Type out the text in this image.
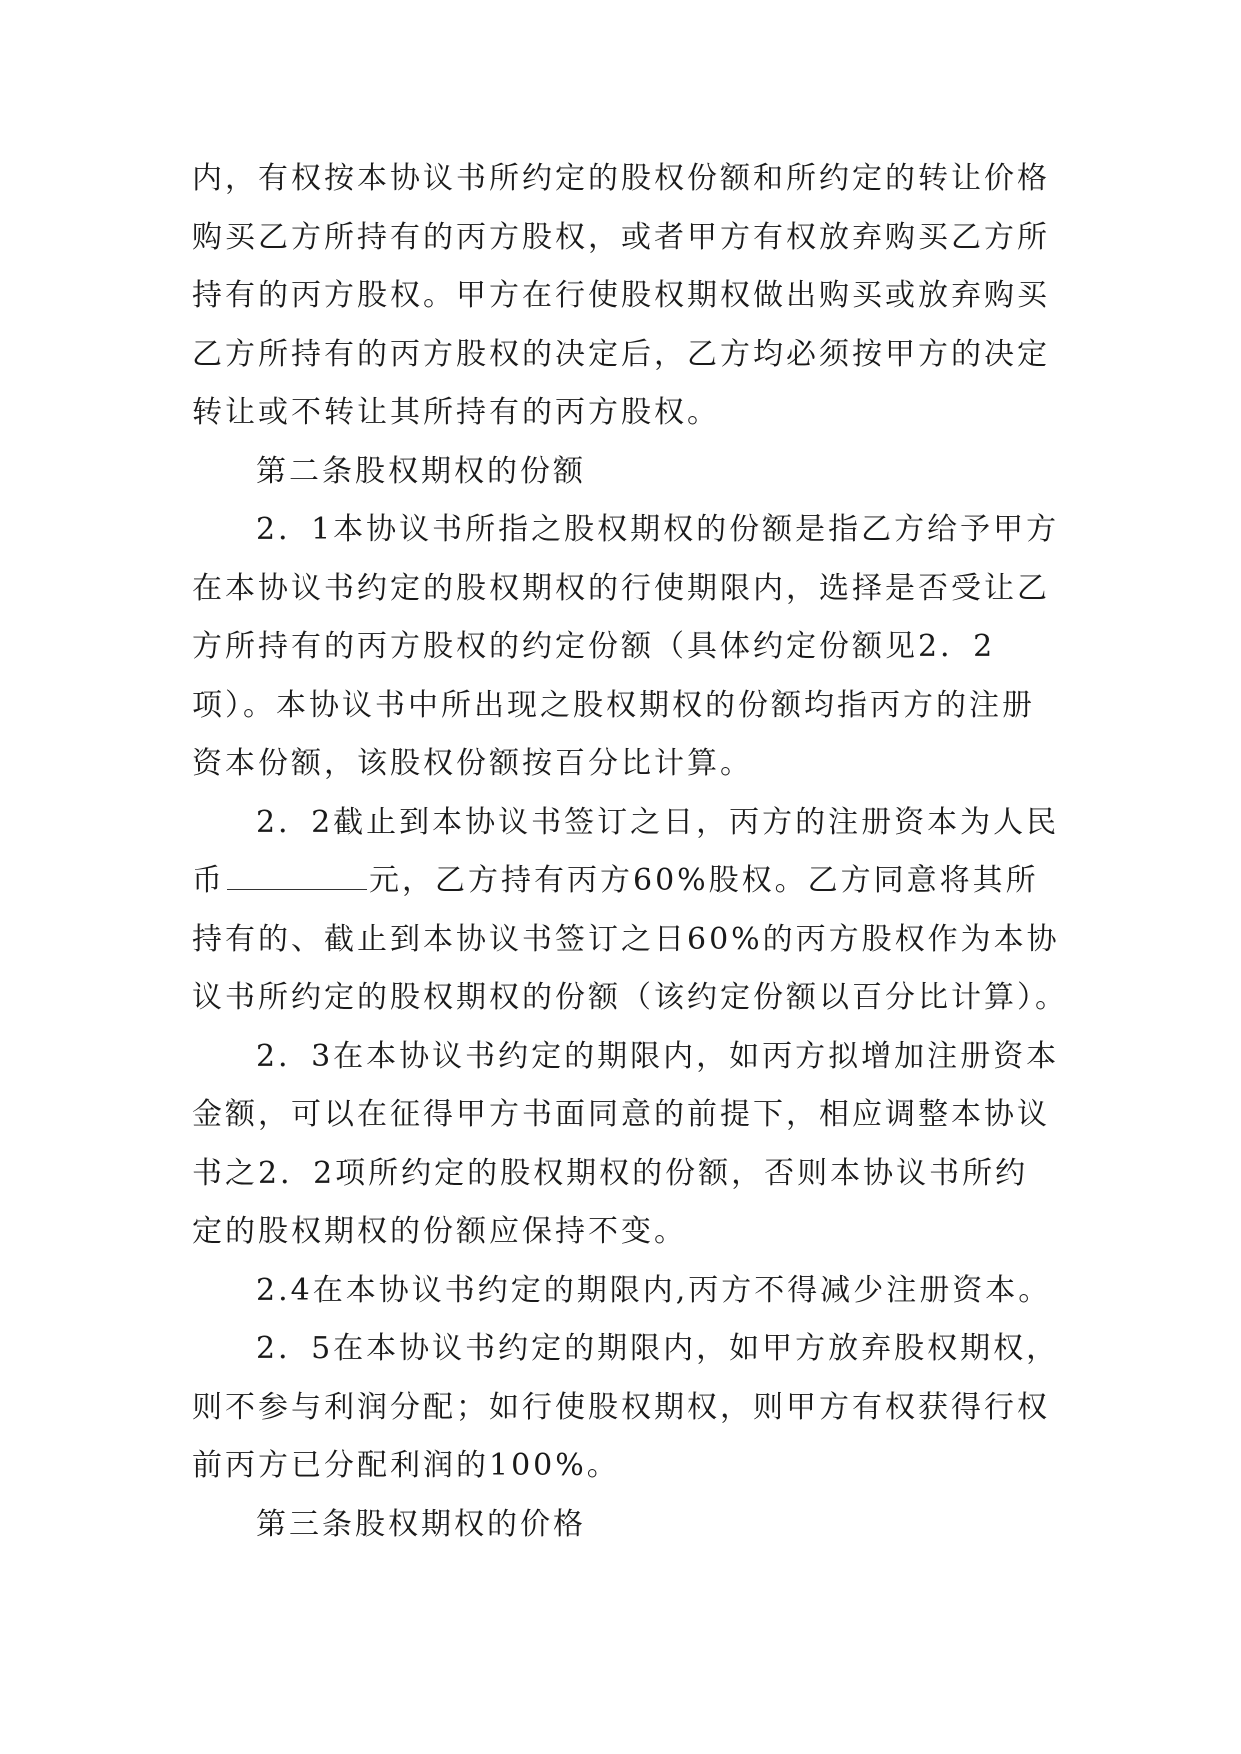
内，有权按本协议书所约定的股权份额和所约定的转让价格
购买乙方所持有的丙方股权，或者甲方有权放弃购买乙方所
持有的丙方股权。甲方在行使股权期权做出购买或放弃购买
乙方所持有的丙方股权的决定后，乙方均必须按甲方的决定
转让或不转让其所持有的丙方股权。
第二条股权期权的份额
2．1本协议书所指之股权期权的份额是指乙方给予甲方
在本协议书约定的股权期权的行使期限内，选择是否受让乙
方所持有的丙方股权的约定份额（具体约定份额见2．2
项）。本协议书中所出现之股权期权的份额均指丙方的注册
资本份额，该股权份额按百分比计算。
2．2截止到本协议书签订之日，丙方的注册资本为人民
币	元，乙方持有丙方60%股权。乙方同意将其所
持有的、截止到本协议书签订之日60%的丙方股权作为本协
议书所约定的股权期权的份额（该约定份额以百分比计算）。
2．3在本协议书约定的期限内，如丙方拟增加注册资本
金额，可以在征得甲方书面同意的前提下，相应调整本协议
书之2．2项所约定的股权期权的份额，否则本协议书所约
定的股权期权的份额应保持不变。
2.4在本协议书约定的期限内,丙方不得减少注册资本。
2．5在本协议书约定的期限内，如甲方放弃股权期权，
则不参与利润分配；如行使股权期权，则甲方有权获得行权
前丙方已分配利润的100%。
第三条股权期权的价格
